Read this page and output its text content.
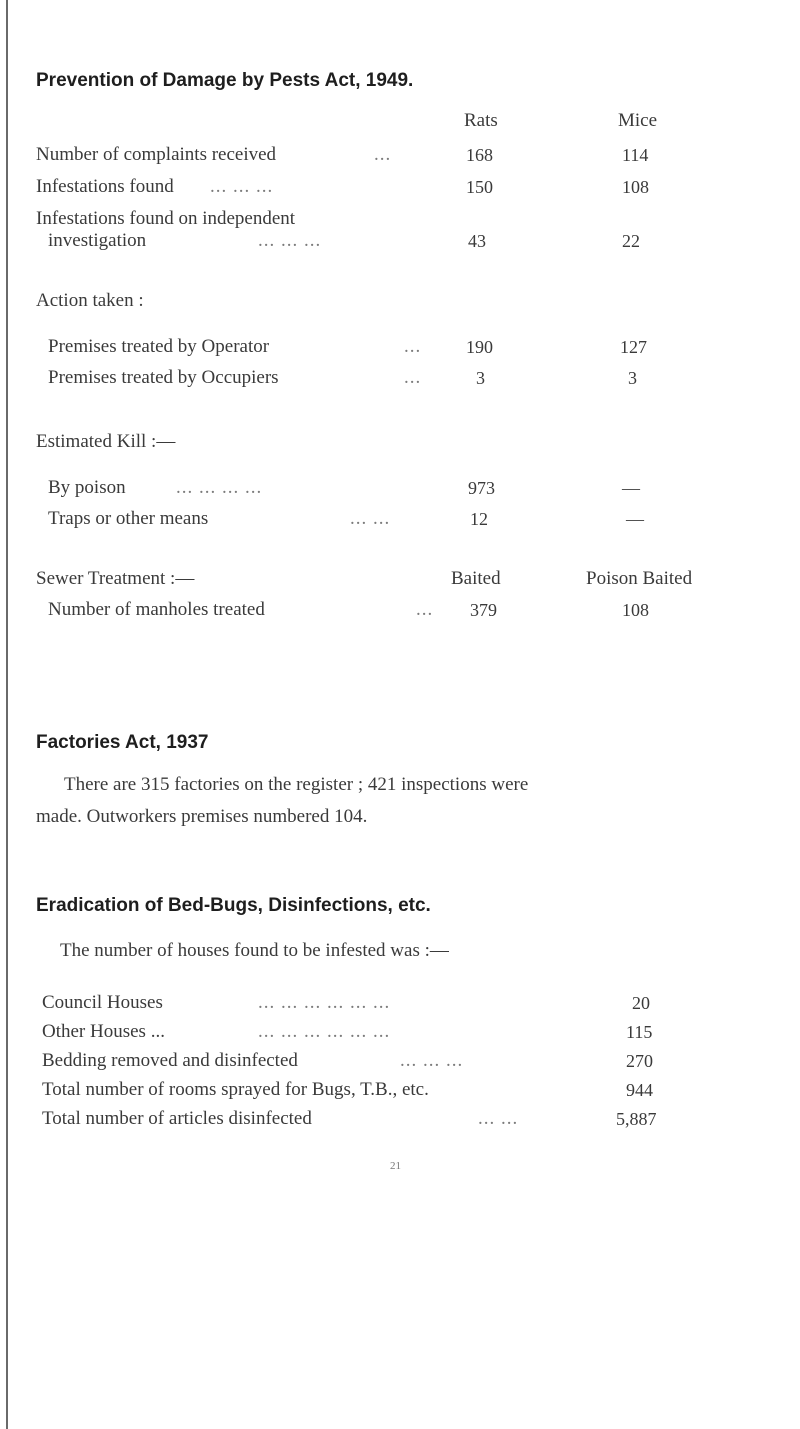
Prevention of Damage by Pests Act, 1949.
Rats	Mice
Number of complaints received	...	168	114
Infestations found ... ... ...	150	108
Infestations found on independent
investigation	... ... ...	43	22
Action taken :
Premises treated by Operator	... 190	127
Premises treated by Occupiers	...	3	3
Estimated Kill :—
By poison	... ... ... ...	973	—
Traps or other means	... ...	12	—
Sewer Treatment :—	Baited	Poison Baited
Number of manholes treated	... 379	108
Factories Act, 1937
There are 315 factories on the register ; 421 inspections were
made. Outworkers premises numbered 104.
Eradication of Bed-Bugs, Disinfections, etc.
The number of houses found to be infested was :—
Council Houses	... ... ... ... ... ...	20
Other Houses ...	... ... ... ... ... ...	115
Bedding removed and disinfected	... ... ...	270
Total number of rooms sprayed for Bugs, T.B., etc.	944
Total number of articles disinfected	... ...	5,887
21
